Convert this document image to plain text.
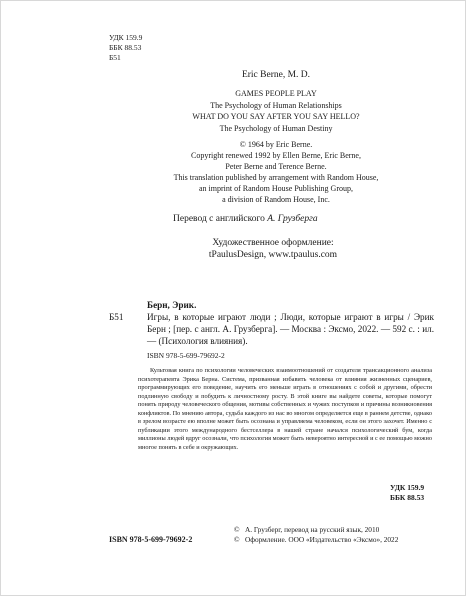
УДК 159.9
ББК 88.53
Б51
Eric Berne, M. D.
GAMES PEOPLE PLAY
The Psychology of Human Relationships
WHAT DO YOU SAY AFTER YOU SAY HELLO?
The Psychology of Human Destiny
© 1964 by Eric Berne.
Copyright renewed 1992 by Ellen Berne, Eric Berne,
Peter Berne and Terence Berne.
This translation published by arrangement with Random House,
an imprint of Random House Publishing Group,
a division of Random House, Inc.
Перевод с английского А. Грузберга
Художественное оформление:
tPaulusDesign, www.tpaulus.com
Берн, Эрик.
Б51	Игры, в которые играют люди ; Люди, которые играют в игры / Эрик Берн ; [пер. с англ. А. Грузберга]. — Москва : Эксмо, 2022. — 592 с. : ил. — (Психология влияния).
ISBN 978-5-699-79692-2

Культовая книга по психологии человеческих взаимоотношений от создателя трансакционного анализа психотерапевта Эрика Берна. Система, призванная избавить человека от влияния жизненных сценариев, программирующих его поведение, научить его меньше играть в отношениях с собой и другими, обрести подлинную свободу и побудить к личностному росту. В этой книге вы найдете советы, которые помогут понять природу человеческого общения, мотивы собственных и чужих поступков и причины возникновения конфликтов. По мнению автора, судьба каждого из нас во многом определяется еще в раннем детстве, однако в зрелом возрасте ею вполне может быть осознана и управляема человеком, если он этого захочет. Именно с публикации этого международного бестселлера в нашей стране начался психологический бум, когда миллионы людей вдруг осознали, что психология может быть невероятно интересной и с ее помощью можно многое понять в себе и окружающих.

УДК 159.9
ББК 88.53
ISBN 978-5-699-79692-2
© А. Грузберг, перевод на русский язык, 2010
© Оформление. ООО «Издательство «Эксмо», 2022
